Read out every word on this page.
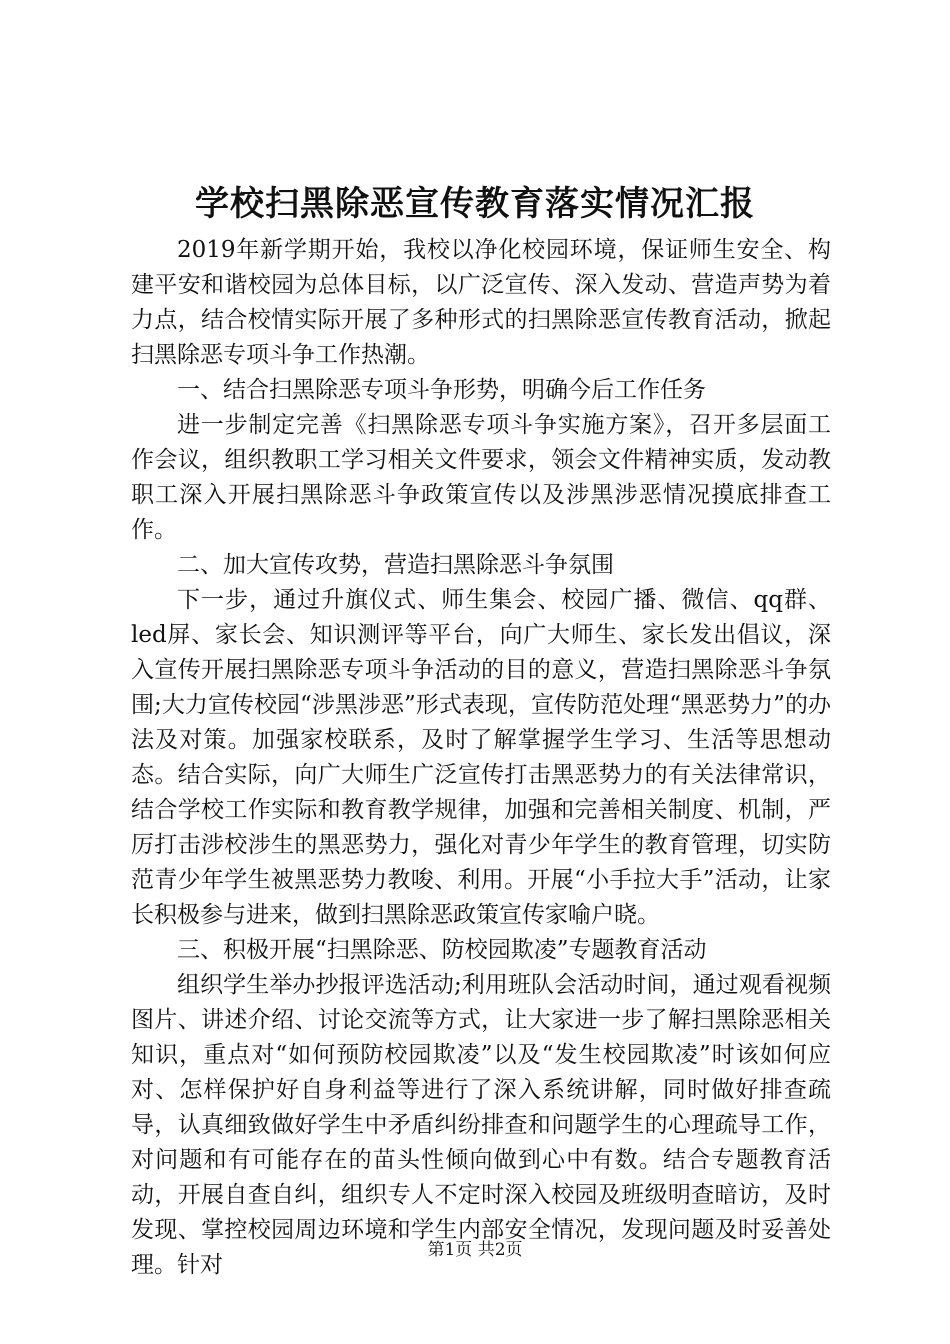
学校扫黑除恶宣传教育落实情况汇报

2019年新学期开始，我校以净化校园环境，保证师生安全、构建平安和谐校园为总体目标，以广泛宣传、深入发动、营造声势为着力点，结合校情实际开展了多种形式的扫黑除恶宣传教育活动，掀起扫黑除恶专项斗争工作热潮。

一、结合扫黑除恶专项斗争形势，明确今后工作任务

进一步制定完善《扫黑除恶专项斗争实施方案》，召开多层面工作会议，组织教职工学习相关文件要求，领会文件精神实质，发动教职工深入开展扫黑除恶斗争政策宣传以及涉黑涉恶情况摸底排查工作。

二、加大宣传攻势，营造扫黑除恶斗争氛围

下一步，通过升旗仪式、师生集会、校园广播、微信、qq群、led屏、家长会、知识测评等平台，向广大师生、家长发出倡议，深入宣传开展扫黑除恶专项斗争活动的目的意义，营造扫黑除恶斗争氛围;大力宣传校园“涉黑涉恶”形式表现，宣传防范处理“黑恶势力”的办法及对策。加强家校联系，及时了解掌握学生学习、生活等思想动态。结合实际，向广大师生广泛宣传打击黑恶势力的有关法律常识，结合学校工作实际和教育教学规律，加强和完善相关制度、机制，严厉打击涉校涉生的黑恶势力，强化对青少年学生的教育管理，切实防范青少年学生被黑恶势力教唆、利用。开展“小手拉大手”活动，让家长积极参与进来，做到扫黑除恶政策宣传家喻户晓。

三、积极开展“扫黑除恶、防校园欺凌”专题教育活动

组织学生举办抄报评选活动;利用班队会活动时间，通过观看视频图片、讲述介绍、讨论交流等方式，让大家进一步了解扫黑除恶相关知识，重点对“如何预防校园欺凌”以及“发生校园欺凌”时该如何应对、怎样保护好自身利益等进行了深入系统讲解，同时做好排查疏导，认真细致做好学生中矛盾纠纷排查和问题学生的心理疏导工作，对问题和有可能存在的苗头性倾向做到心中有数。结合专题教育活动，开展自查自纠，组织专人不定时深入校园及班级明查暗访，及时发现、掌控校园周边环境和学生内部安全情况，发现问题及时妥善处理。针对

第1页 共2页
